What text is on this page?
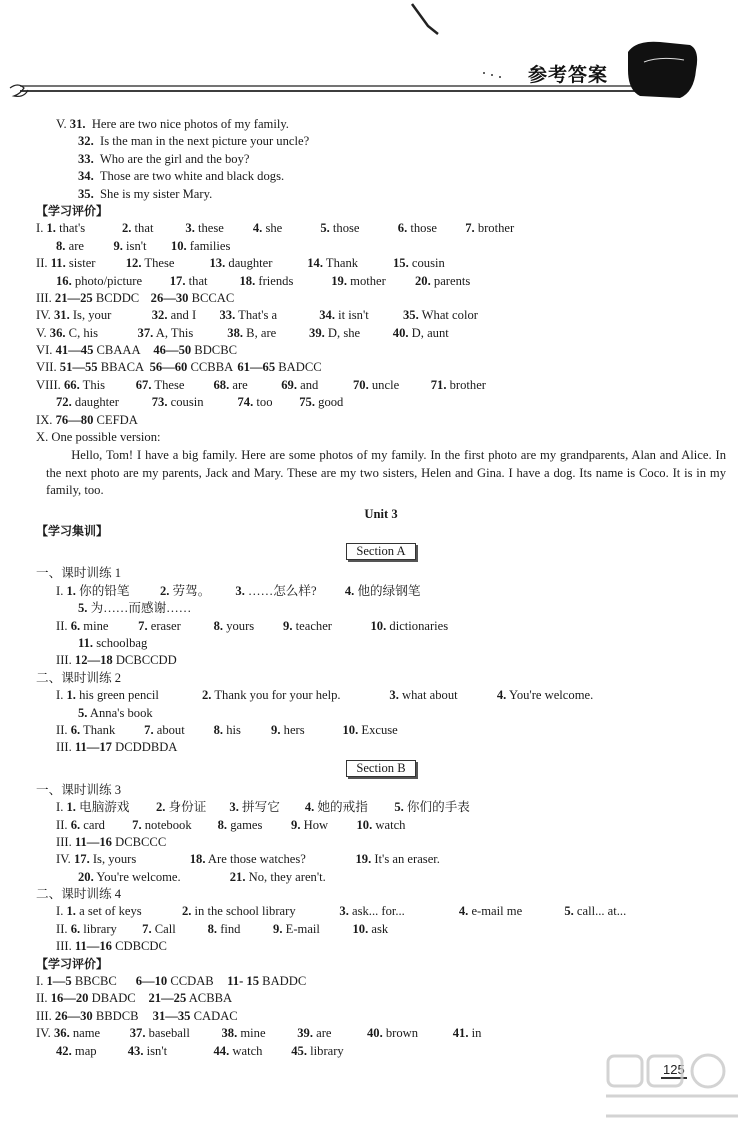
参考答案
V. 31.  Here are two nice photos of my family.
32.  Is the man in the next picture your uncle?
33.  Who are the girl and the boy?
34.  Those are two white and black dogs.
35.  She is my sister Mary.
【学习评价】
I. 1. that's	2. that	3. these 4. she	5. those	6. those 7. brother
8. are 9. isn't 10. families
II. 11. sister 12. These	13. daughter	14. Thank	15. cousin
16. photo/picture 17. that	18. friends	19. mother 20. parents
III. 21—25 BCDDC 26—30 BCCAC
IV. 31. Is, your	32. and I 33. That's a	34. it isn't	35. What color
V. 36. C, his	37. A, This	38. B, are	39. D, she	40. D, aunt
VI. 41—45 CBAAA 46—50 BDCBC
VII. 51—55 BBACA 56—60 CCBBA 61—65 BADCC
VIII. 66. This 67. These 68. are	69. and	70. uncle	71. brother
72. daughter	73. cousin	74. too 75. good
IX. 76—80 CEFDA
X. One possible version:
Hello, Tom! I have a big family. Here are some photos of my family. In the first photo are my grandparents, Alan and Alice. In the next photo are my parents, Jack and Mary. These are my two sisters, Helen and Gina. I have a dog. Its name is Coco. It is in my family, too.
Unit 3
【学习集训】
Section A
一、课时训练 1
I. 1. 你的铅笔 2. 劳驾。 3. ……怎么样? 4. 他的绿钢笔
5. 为……而感谢……
II. 6. mine 7. eraser	8. yours 9. teacher	10. dictionaries
11. schoolbag
III. 12—18 DCBCCDD
二、课时训练 2
I. 1. his green pencil	2. Thank you for your help.	3. what about	4. You're welcome.
5. Anna's book
II. 6. Thank 7. about 8. his 9. hers	10. Excuse
III. 11—17 DCDDBDA
Section B
一、课时训练 3
I. 1. 电脑游戏 2. 身份证 3. 拼写它 4. 她的戒指 5. 你们的手表
II. 6. card 7. notebook 8. games 9. How 10. watch
III. 11—16 DCBCCC
IV. 17. Is, yours	18. Are those watches?	19. It's an eraser.
20. You're welcome.	21. No, they aren't.
二、课时训练 4
I. 1. a set of keys	2. in the school library	3. ask... for...	4. e-mail me	5. call... at...
II. 6. library 7. Call	8. find	9. E-mail	10. ask
III. 11—16 CDBCDC
【学习评价】
I. 1—5 BBCBC 6—10 CCDAB 11- 15 BADDC
II. 16—20 DBADC 21—25 ACBBA
III. 26—30 BBDCB 31—35 CADAC
IV. 36. name 37. baseball	38. mine	39. are	40. brown	41. in
42. map 43. isn't	44. watch 45. library
125
